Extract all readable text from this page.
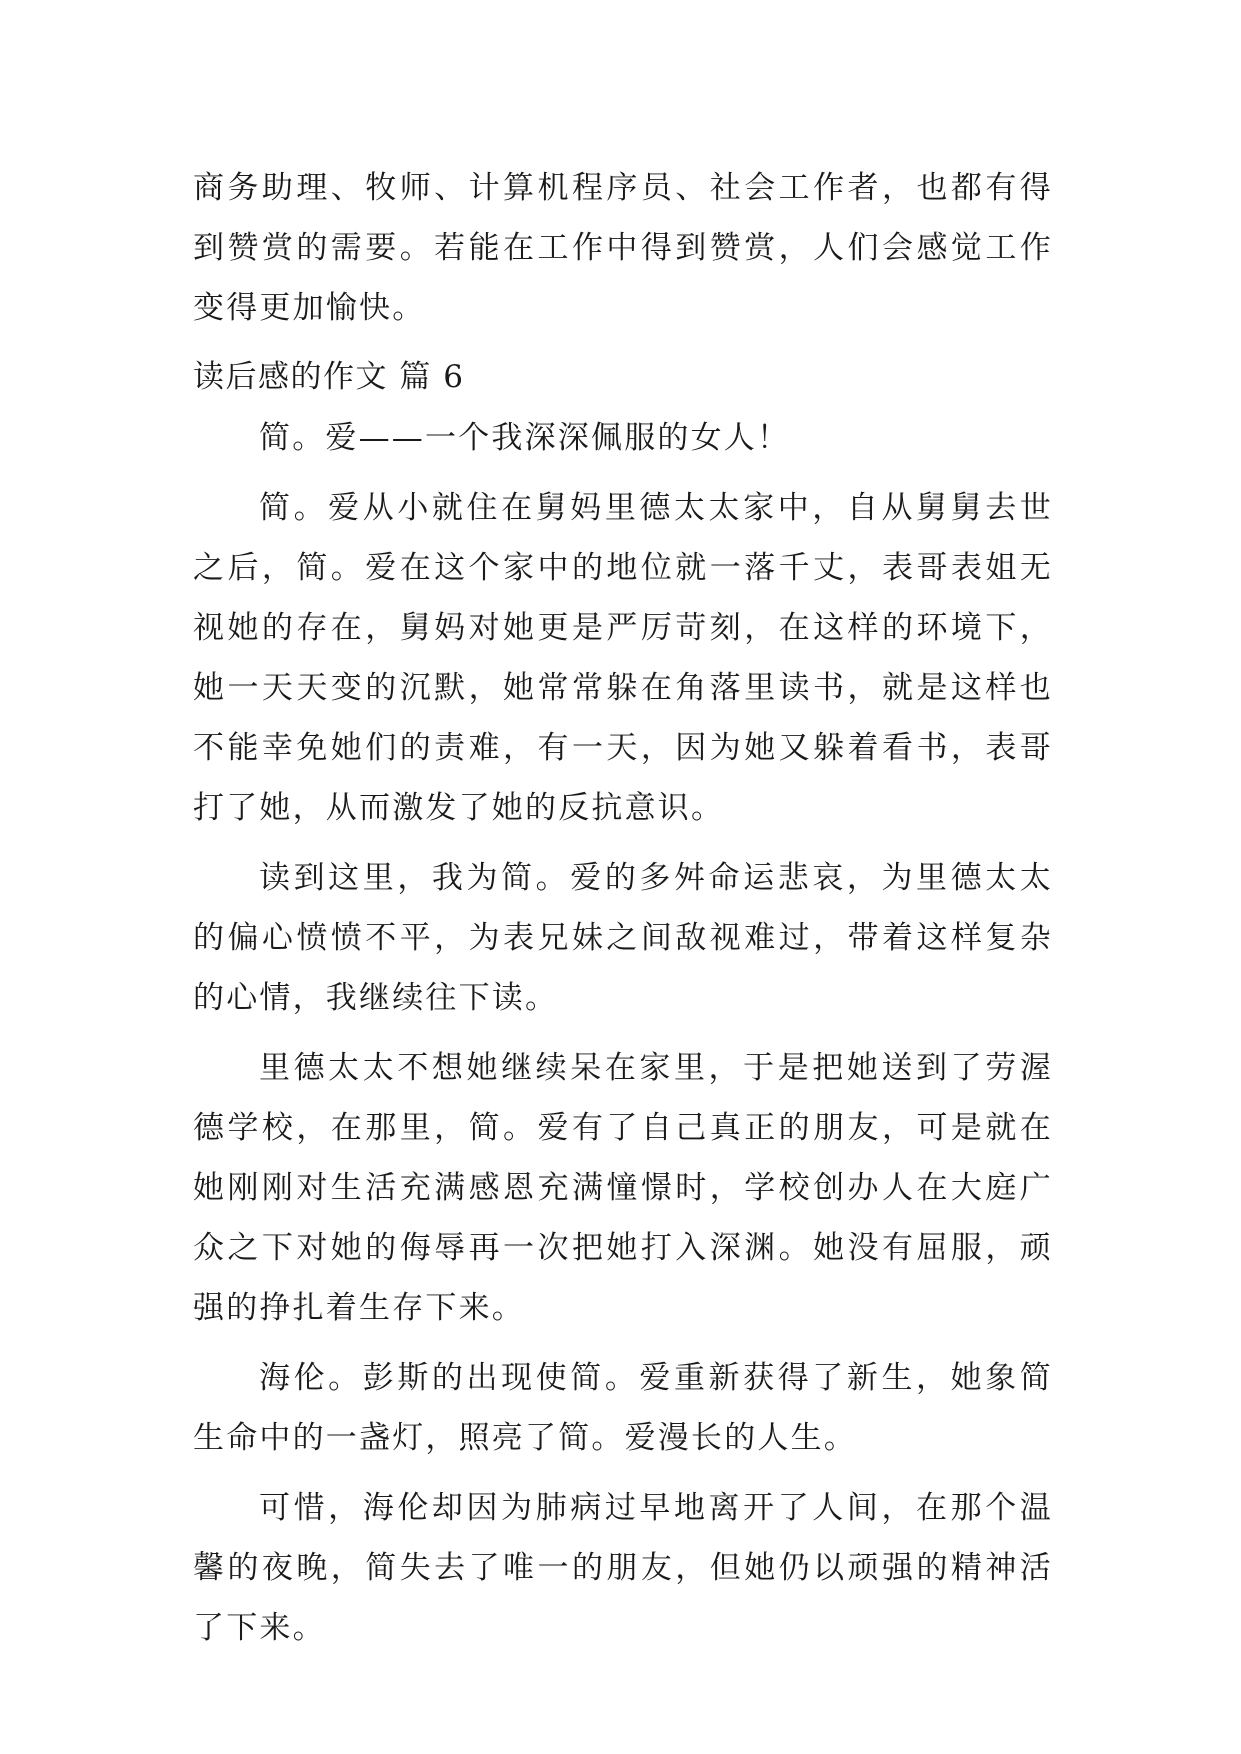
商务助理、牧师、计算机程序员、社会工作者，也都有得到赞赏的需要。若能在工作中得到赞赏，人们会感觉工作变得更加愉快。

读后感的作文 篇 6

简。爱——一个我深深佩服的女人！

简。爱从小就住在舅妈里德太太家中，自从舅舅去世之后，简。爱在这个家中的地位就一落千丈，表哥表姐无视她的存在，舅妈对她更是严厉苛刻，在这样的环境下，她一天天变的沉默，她常常躲在角落里读书，就是这样也不能幸免她们的责难，有一天，因为她又躲着看书，表哥打了她，从而激发了她的反抗意识。

读到这里，我为简。爱的多舛命运悲哀，为里德太太的偏心愤愤不平，为表兄妹之间敌视难过，带着这样复杂的心情，我继续往下读。

里德太太不想她继续呆在家里，于是把她送到了劳渥德学校，在那里，简。爱有了自己真正的朋友，可是就在她刚刚对生活充满感恩充满憧憬时，学校创办人在大庭广众之下对她的侮辱再一次把她打入深渊。她没有屈服，顽强的挣扎着生存下来。

海伦。彭斯的出现使简。爱重新获得了新生，她象简生命中的一盏灯，照亮了简。爱漫长的人生。

可惜，海伦却因为肺病过早地离开了人间，在那个温馨的夜晚，简失去了唯一的朋友，但她仍以顽强的精神活了下来。
